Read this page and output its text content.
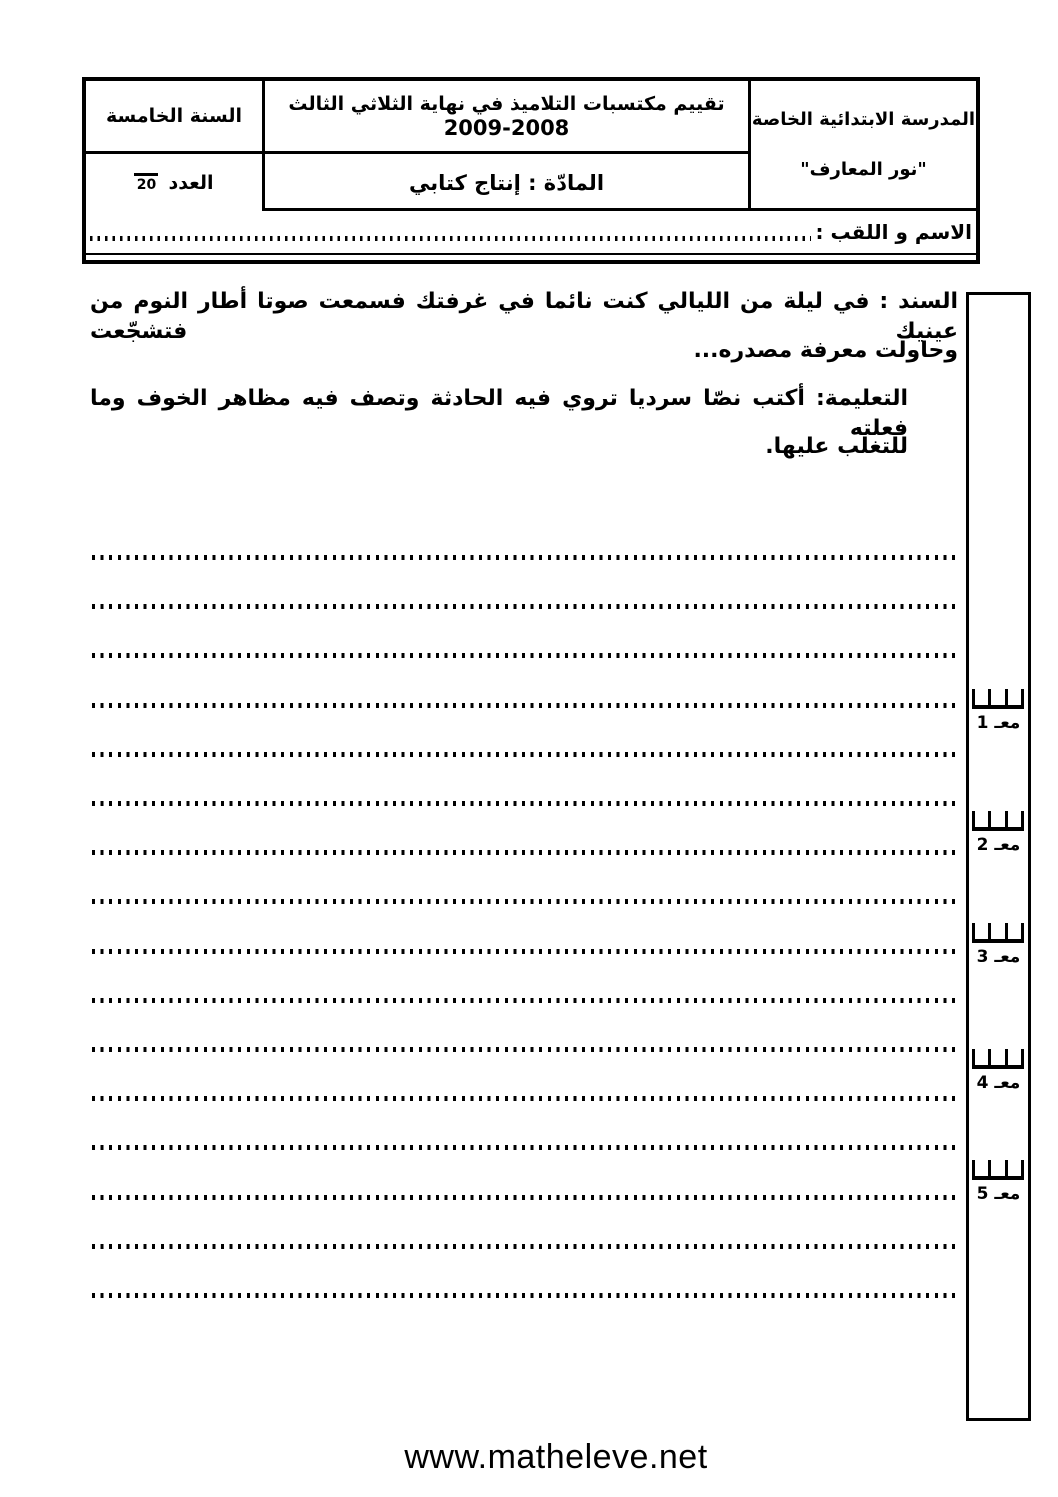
المدرسة الابتدائية الخاصة
"نور المعارف"
تقييم مكتسبات التلاميذ في نهاية الثلاثي الثالث
2009-2008
المادّة : إنتاج كتابي
السنة الخامسة
العدد
20
الاسم و اللقب :
السند : في ليلة من الليالي كنت نائما في غرفتك فسمعت صوتا أطار النوم من عينيك فتشجّعت
وحاولت معرفة مصدره...
التعليمة: أكتب نصّا سرديا تروي فيه الحادثة وتصف فيه مظاهر الخوف وما فعلته
للتغلب عليها.
معـ 1
معـ 2
معـ 3
معـ 4
معـ 5
www.matheleve.net
